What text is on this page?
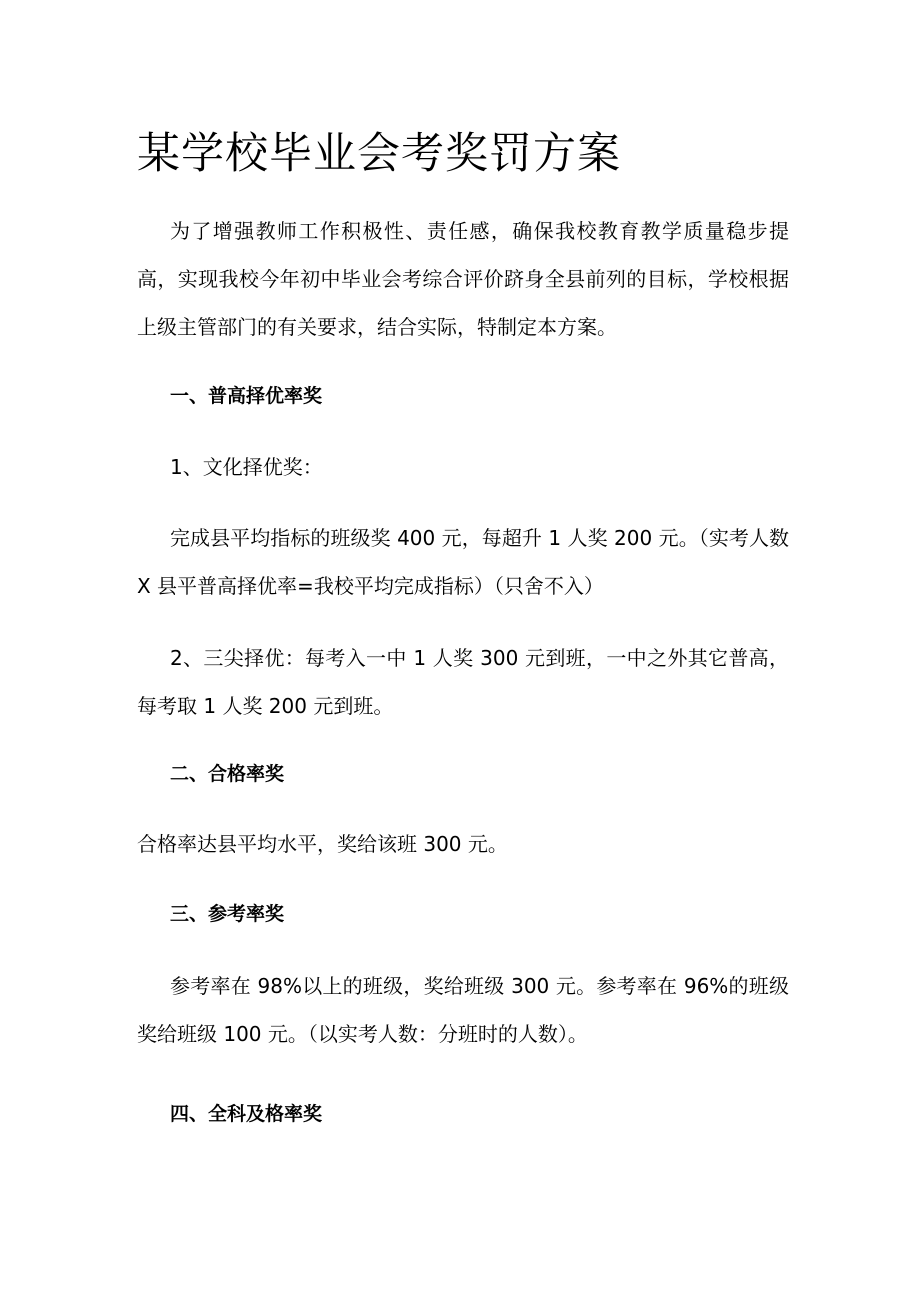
某学校毕业会考奖罚方案

为了增强教师工作积极性、责任感，确保我校教育教学质量稳步提高，实现我校今年初中毕业会考综合评价跻身全县前列的目标，学校根据上级主管部门的有关要求，结合实际，特制定本方案。

一、普高择优率奖

1、文化择优奖：

完成县平均指标的班级奖 400 元，每超升 1 人奖 200 元。（实考人数 X 县平普高择优率=我校平均完成指标）（只舍不入）

2、三尖择优：每考入一中 1 人奖 300 元到班，一中之外其它普高，每考取 1 人奖 200 元到班。

二、合格率奖

合格率达县平均水平，奖给该班 300 元。

三、参考率奖

参考率在 98%以上的班级，奖给班级 300 元。参考率在 96%的班级奖给班级 100 元。（以实考人数：分班时的人数）。

四、全科及格率奖
